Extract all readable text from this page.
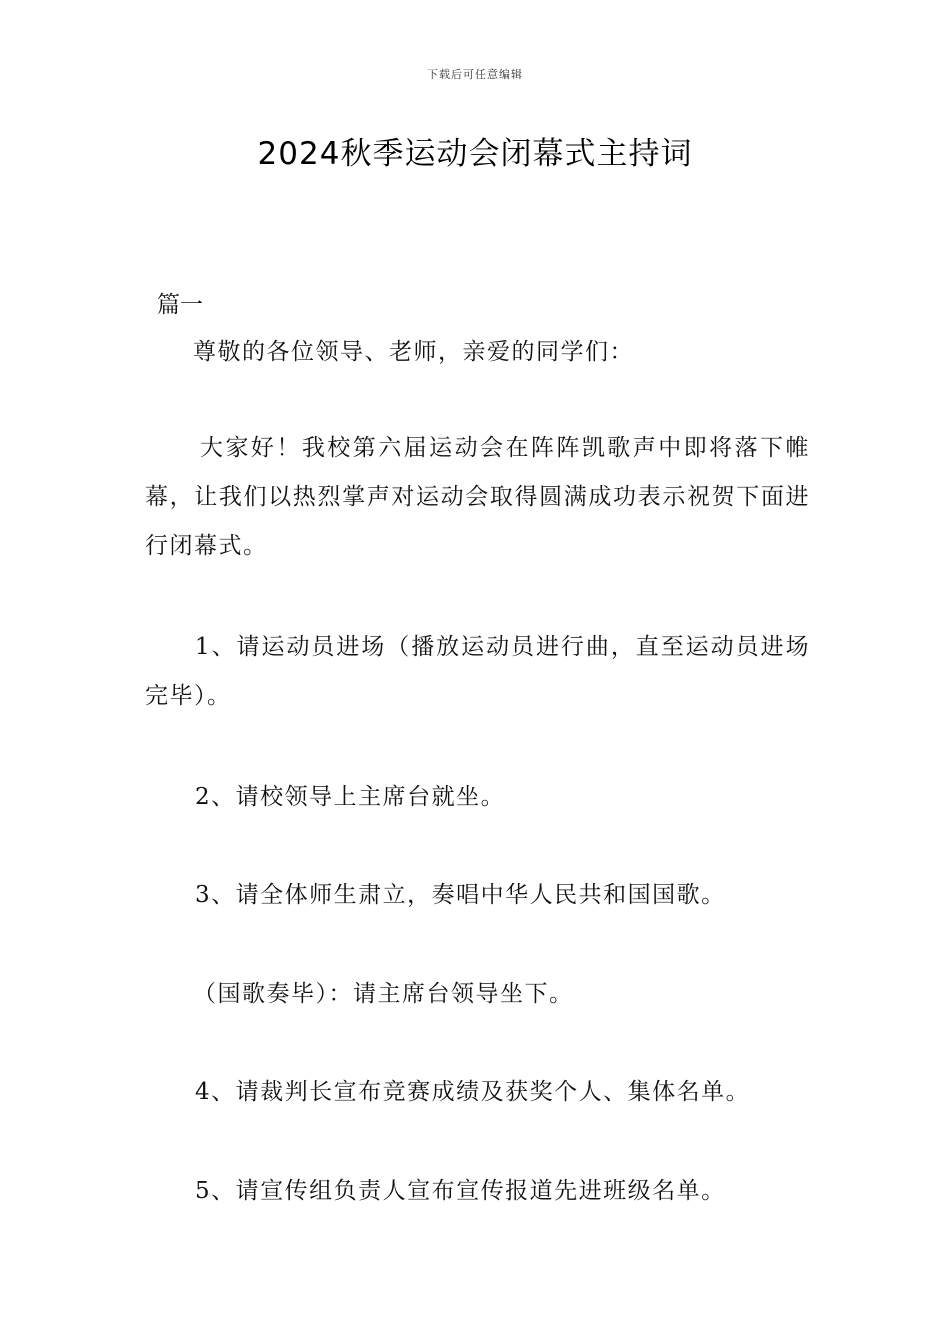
下载后可任意编辑
2024秋季运动会闭幕式主持词
篇一

尊敬的各位领导、老师，亲爱的同学们：

大家好！我校第六届运动会在阵阵凯歌声中即将落下帷幕，让我们以热烈掌声对运动会取得圆满成功表示祝贺下面进行闭幕式。

1、请运动员进场（播放运动员进行曲，直至运动员进场完毕）。

2、请校领导上主席台就坐。

3、请全体师生肃立，奏唱中华人民共和国国歌。

（国歌奏毕）：请主席台领导坐下。

4、请裁判长宣布竞赛成绩及获奖个人、集体名单。

5、请宣传组负责人宣布宣传报道先进班级名单。
